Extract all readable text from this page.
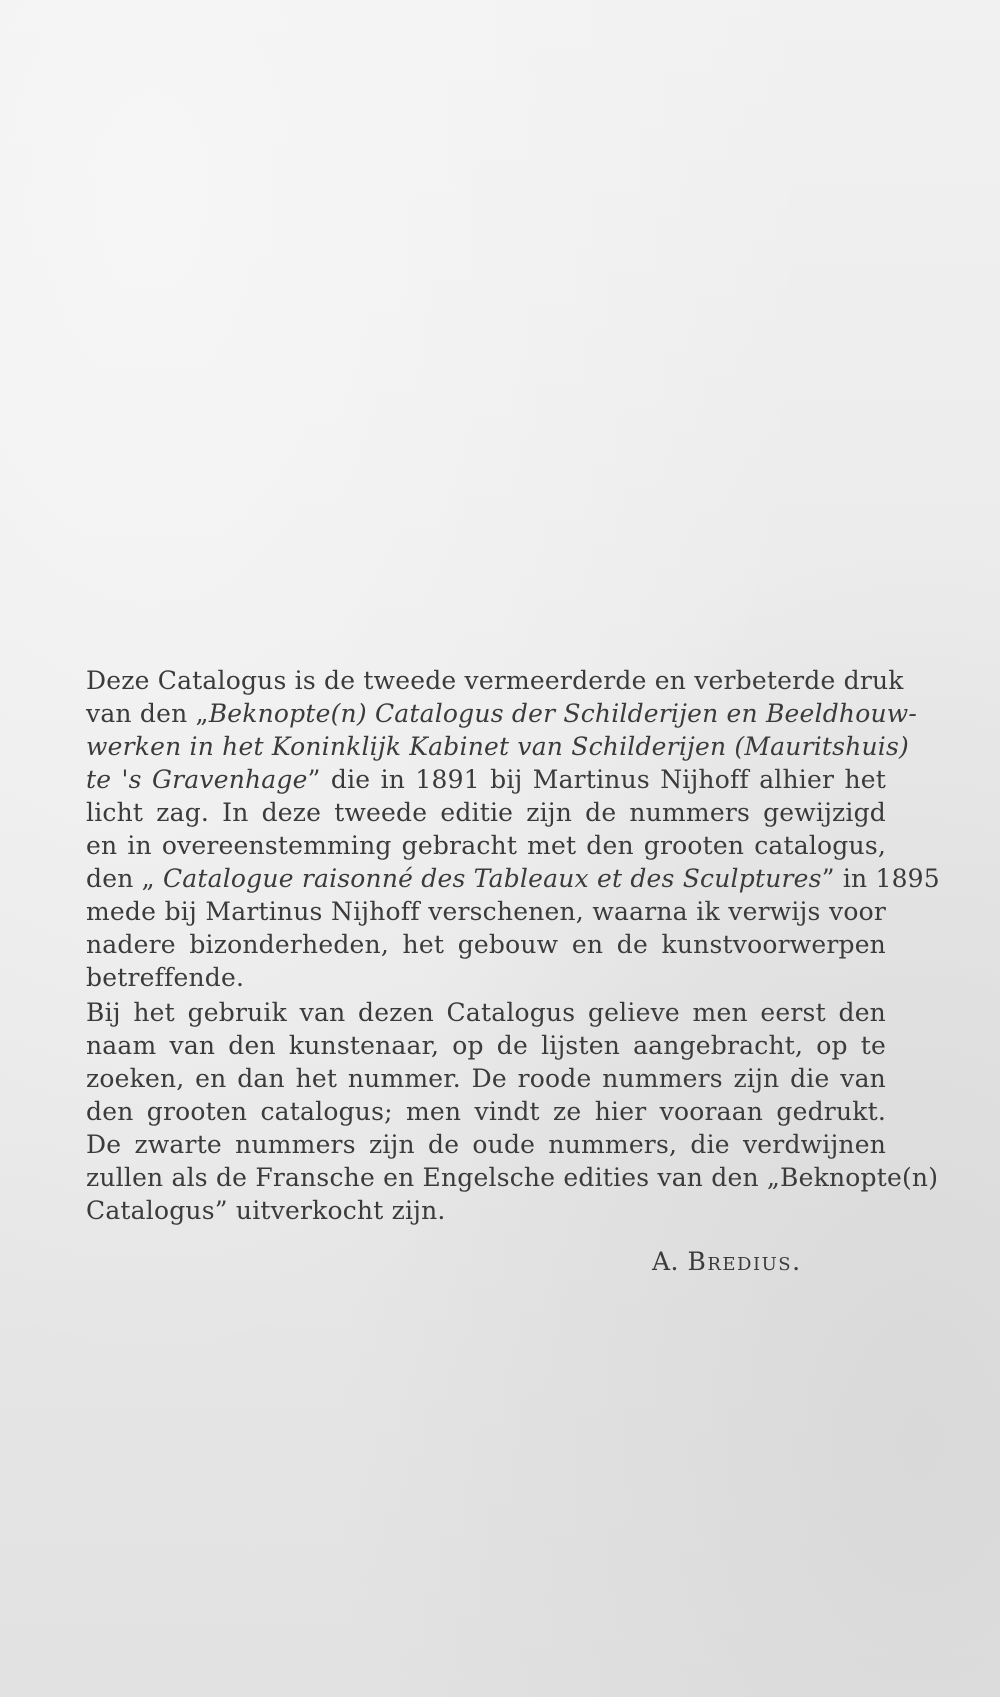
Deze Catalogus is de tweede vermeerderde en verbeterde druk
van den „Beknopte(n) Catalogus der Schilderijen en Beeldhouw-
werken in het Koninklijk Kabinet van Schilderijen (Mauritshuis)
te 's Gravenhage” die in 1891 bij Martinus Nijhoff alhier het
licht zag. In deze tweede editie zijn de nummers gewijzigd
en in overeenstemming gebracht met den grooten catalogus,
den „ Catalogue raisonné des Tableaux et des Sculptures” in 1895
mede bij Martinus Nijhoff verschenen, waarna ik verwijs voor
nadere bizonderheden, het gebouw en de kunstvoorwerpen
betreffende.
Bij het gebruik van dezen Catalogus gelieve men eerst den
naam van den kunstenaar, op de lijsten aangebracht, op te
zoeken, en dan het nummer. De roode nummers zijn die van
den grooten catalogus; men vindt ze hier vooraan gedrukt.
De zwarte nummers zijn de oude nummers, die verdwijnen
zullen als de Fransche en Engelsche edities van den „Beknopte(n)
Catalogus” uitverkocht zijn.
A. Bredius.
